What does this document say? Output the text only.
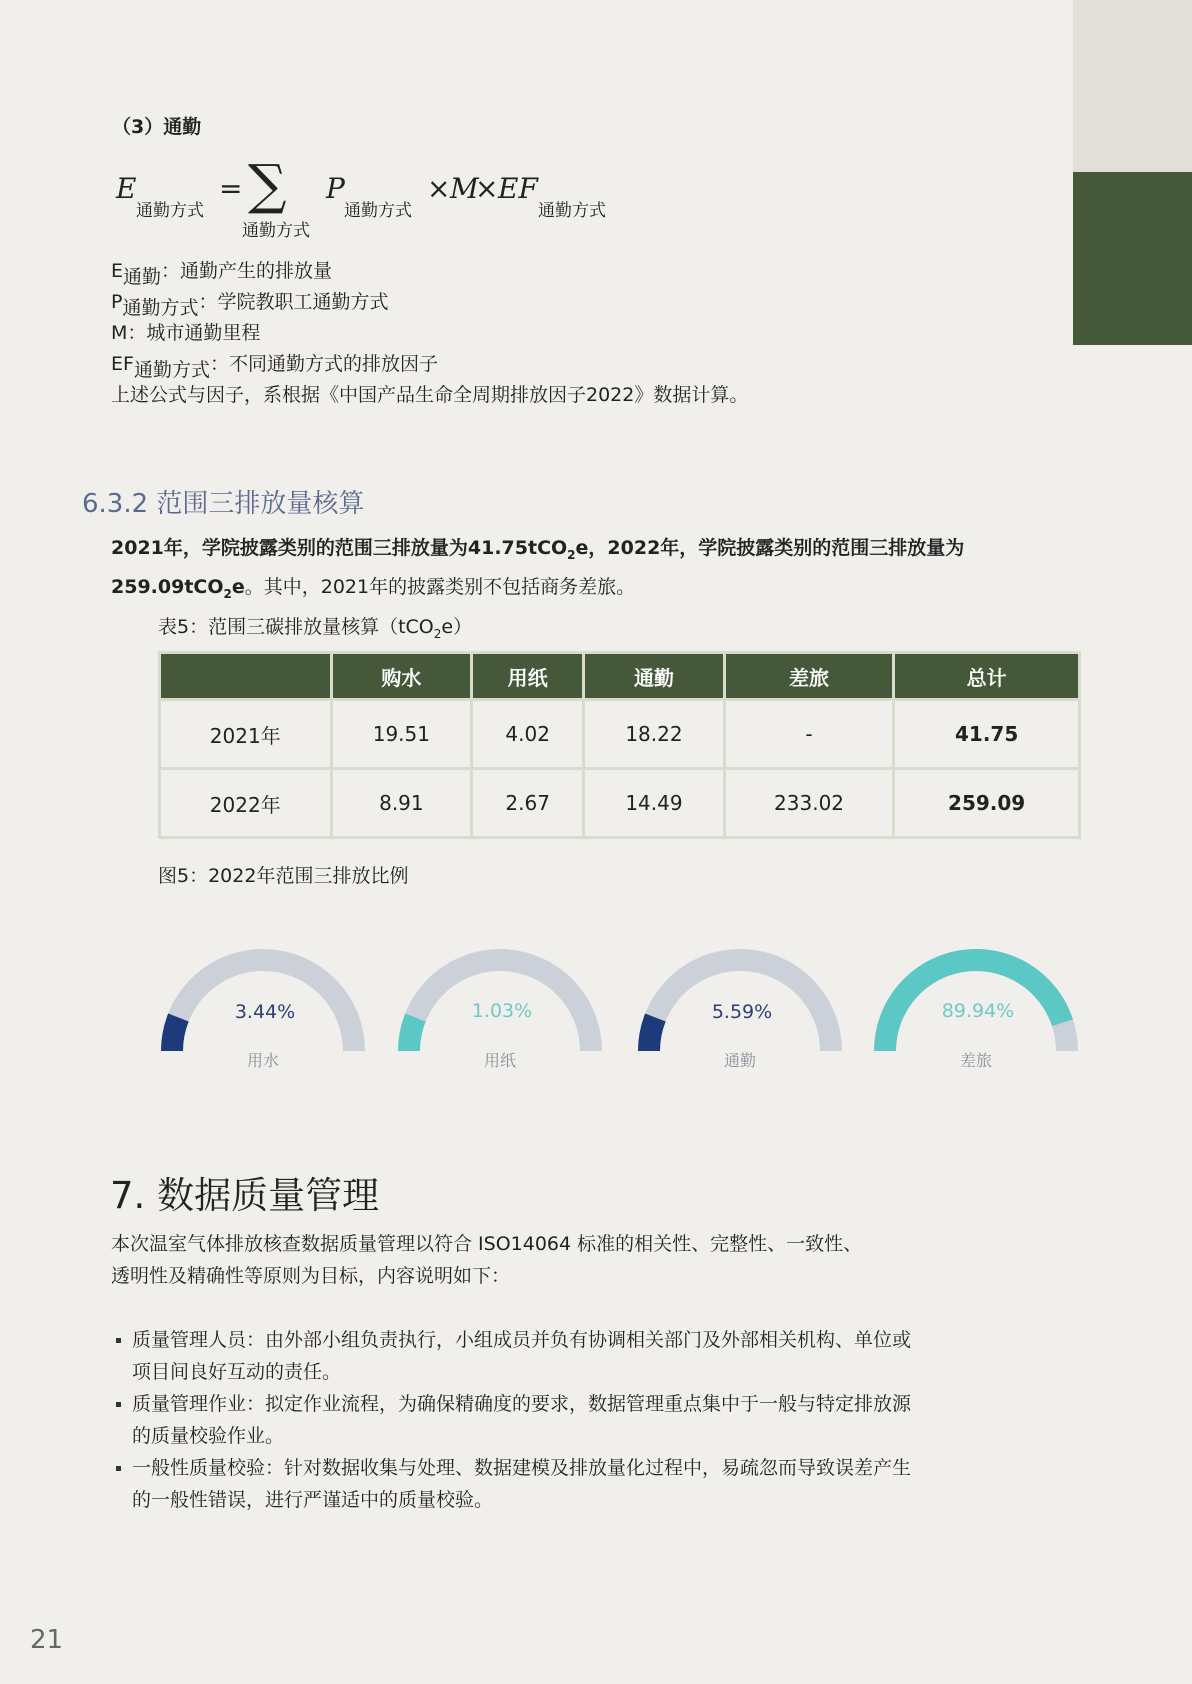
（3）通勤
E
通勤方式
= ∑
通勤方式
P
通勤方式
× M
× EF
通勤方式
E通勤：通勤产生的排放量
P通勤方式：学院教职工通勤方式
M：城市通勤里程
EF通勤方式：不同通勤方式的排放因子
上述公式与因子，系根据《中国产品生命全周期排放因子2022》数据计算。
6.3.2 范围三排放量核算
2021年，学院披露类别的范围三排放量为41.75tCO$_2$e，2022年，学院披露类别的范围三排放量为
259.09tCO$_2$e。其中，2021年的披露类别不包括商务差旅。
表5：范围三碳排放量核算（tCO$_2$e）
	购水	用纸	通勤	差旅	总计
2021年	19.51	4.02	18.22	-	41.75
2022年	8.91	2.67	14.49	233.02	259.09
图5：2022年范围三排放比例
3.44%
用水
1.03%
用纸
5.59%
通勤
89.94%
差旅
7. 数据质量管理
本次温室气体排放核查数据质量管理以符合 ISO14064 标准的相关性、完整性、一致性、
透明性及精确性等原则为目标，内容说明如下：
质量管理人员：由外部小组负责执行，小组成员并负有协调相关部门及外部相关机构、单位或
项目间良好互动的责任。
质量管理作业：拟定作业流程，为确保精确度的要求，数据管理重点集中于一般与特定排放源
的质量校验作业。
一般性质量校验：针对数据收集与处理、数据建模及排放量化过程中，易疏忽而导致误差产生
的一般性错误，进行严谨适中的质量校验。
21
